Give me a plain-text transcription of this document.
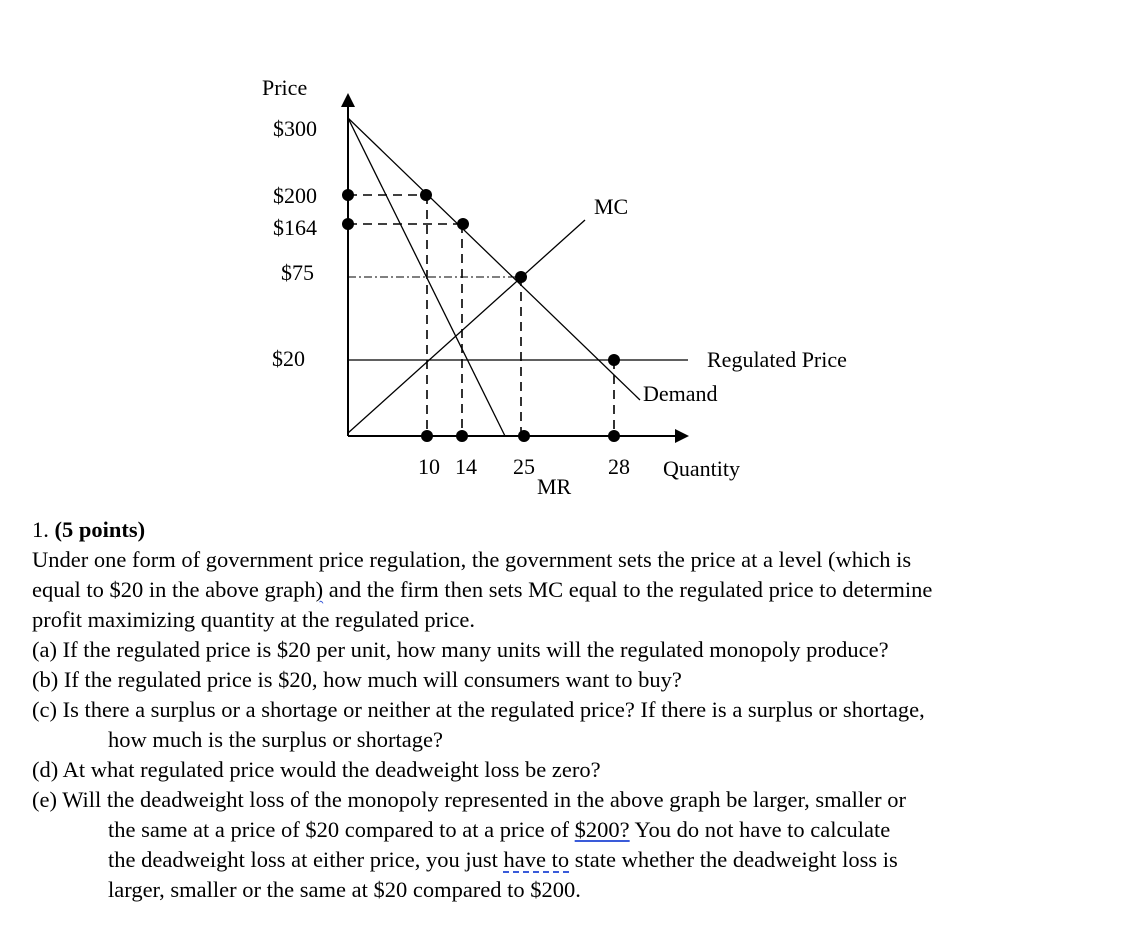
Price
$300
$200
$164
$75
$20
MC
Regulated Price
Demand
10 14 25	28 Quantity
MR
1. (5 points)
Under one form of government price regulation, the government sets the price at a level (which is
equal to $20 in the above graph) and the firm then sets MC equal to the regulated price to determine
profit maximizing quantity at the regulated price.
(a) If the regulated price is $20 per unit, how many units will the regulated monopoly produce?
(b) If the regulated price is $20, how much will consumers want to buy?
(c) Is there a surplus or a shortage or neither at the regulated price? If there is a surplus or shortage,
how much is the surplus or shortage?
(d) At what regulated price would the deadweight loss be zero?
(e) Will the deadweight loss of the monopoly represented in the above graph be larger, smaller or
the same at a price of $20 compared to at a price of $200? You do not have to calculate
the deadweight loss at either price, you just have to state whether the deadweight loss is
larger, smaller or the same at $20 compared to $200.
